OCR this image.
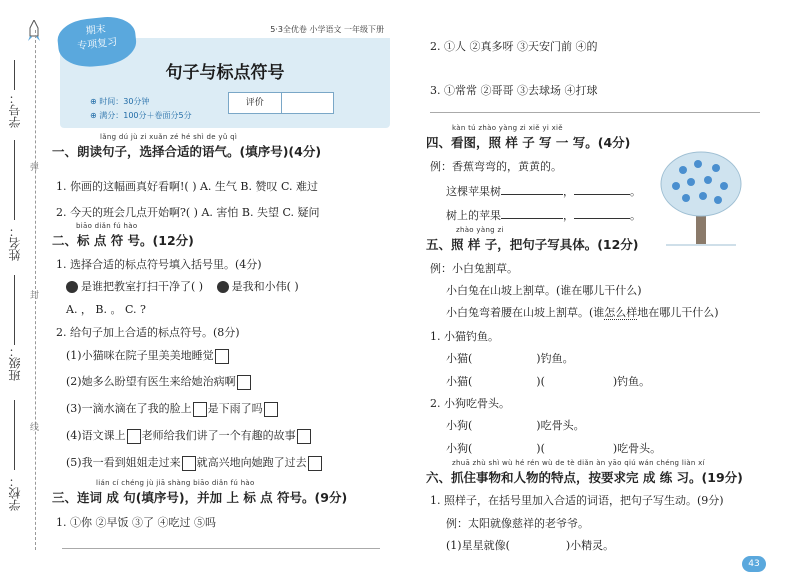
学号：
姓名：
班级：
学校：
弹
封
线
5·3全优卷 小学语文 一年级下册
期末
专项复习
句子与标点符号
⊕ 时间：30分钟
⊕ 满分：100分＋卷面分5分
评价
lǎng dú jù zi xuǎn zé hé shì de yǔ qì
一、朗读句子，选择合适的语气。(填序号)(4分)
1. 你画的这幅画真好看啊!( ) A. 生气 B. 赞叹 C. 难过
2. 今天的班会几点开始啊?( ) A. 害怕 B. 失望 C. 疑问
biāo diǎn fú hào
二、标 点 符 号。(12分)
1. 选择合适的标点符号填入括号里。(4分)
是谁把教室打扫干净了( )	是我和小伟( )
A. ， B. 。 C. ?
2. 给句子加上合适的标点符号。(8分)
(1)小猫咪在院子里美美地睡觉
(2)她多么盼望有医生来给她治病啊
(3)一滴水滴在了我的脸上 是下雨了吗
(4)语文课上 老师给我们讲了一个有趣的故事
(5)我一看到姐姐走过来 就高兴地向她跑了过去
lián cí chéng jù jiā shàng biāo diǎn fú hào
三、连词 成 句(填序号)，并加 上 标 点 符号。(9分)
1. ①你 ②早饭 ③了 ④吃过 ⑤吗
2. ①人 ②真多呀 ③天安门前 ④的
3. ①常常 ②哥哥 ③去球场 ④打球
kàn tú zhào yàng zi xiě yi xiě
四、看图，照 样 子 写 一 写。(4分)
例：香蕉弯弯的，黄黄的。
这棵苹果树	，	。
树上的苹果	，	。
zhào yàng zi
五、照 样 子，把句子写具体。(12分)
例：小白兔割草。
小白兔在山坡上割草。(谁在哪儿干什么)
小白兔弯着腰在山坡上割草。(谁怎么样地在哪儿干什么)
1. 小猫钓鱼。
小猫(	)钓鱼。
小猫(	)(	)钓鱼。
2. 小狗吃骨头。
小狗(	)吃骨头。
小狗(	)(	)吃骨头。
zhuā zhù shì wù hé rén wù de tè diǎn àn yāo qiú wán chéng liàn xí
六、抓住事物和人物的特点，按要求完 成 练 习。(19分)
1. 照样子，在括号里加入合适的词语，把句子写生动。(9分)
例：太阳就像慈祥的老爷爷。
(1)星星就像(	)小精灵。
43
